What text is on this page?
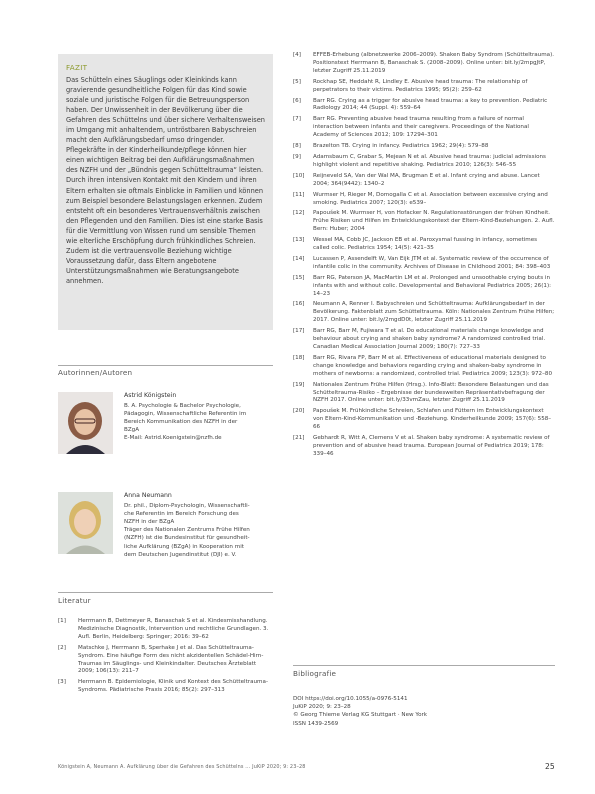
FAZIT
Das Schütteln eines Säuglings oder Kleinkinds kann gravierende gesundheitliche Folgen für das Kind sowie soziale und juristische Folgen für die Betreuungsperson haben. Der Unwissenheit in der Bevölkerung über die Gefahren des Schüttelns und über sichere Verhaltensweisen im Umgang mit anhaltendem, untröstbaren Babyschreien macht den Aufklärungsbedarf umso dringender. Pflegekräfte in der Kinderheilkunde/pflege können hier einen wichtigen Beitrag bei den Aufklärungsmaßnahmen des NZFH und der „Bündnis gegen Schütteltrauma“ leisten. Durch ihren intensiven Kontakt mit den Kindern und ihren Eltern erhalten sie oftmals Einblicke in Familien und können zum Beispiel besondere Belastungslagen erkennen. Zudem entsteht oft ein besonderes Vertrauensverhältnis zwischen den Pflegenden und den Familien. Dies ist eine starke Basis für die Vermittlung von Wissen rund um sensible Themen wie elterliche Erschöpfung durch frühkindliches Schreien. Zudem ist die vertrauensvolle Beziehung wichtige Voraussetzung dafür, dass Eltern angebotene Unterstützungsmaßnahmen wie Beratungsangebote annehmen.
Autorinnen/Autoren
Astrid Königstein
B. A. Psychologie & Bachelor Psychologie,
Pädagogin, Wissenschaftliche Referentin im
Bereich Kommunikation des NZFH in der
BZgA
E-Mail: Astrid.Koenigstein@nzfh.de
Anna Neumann
Dr. phil., Diplom-Psychologin, Wissenschaftli-
che Referentin im Bereich Forschung des
NZFH in der BZgA
Träger des Nationalen Zentrums Frühe Hilfen
(NZFH) ist die Bundesinstitut für gesundheit-
liche Aufklärung (BZgA) in Kooperation mit
dem Deutschen Jugendinstitut (DJI) e. V.
Literatur
[1]	Herrmann B, Dettmeyer R, Banaschak S et al. Kindesmisshandlung. Medizinische Diagnostik, Intervention und rechtliche Grundlagen. 3. Aufl. Berlin, Heidelberg: Springer; 2016: 39–62
[2]	Matschke J, Herrmann B, Sperhake J et al. Das Schütteltrauma-Syndrom. Eine häufige Form des nicht akzidentellen Schädel-Hirn-Traumas im Säuglings- und Kleinkindalter. Deutsches Ärzteblatt 2009; 106(13): 211–7
[3]	Herrmann B. Epidemiologie, Klinik und Kontext des Schütteltrauma-Syndroms. Pädiatrische Praxis 2016; 85(2): 297–313
[4]	EFFEB-Erhebung (albnetzwerke 2006–2009). Shaken Baby Syndrom (Schütteltrauma). Positionstext Herrmann B, Banaschak S. (2008–2009). Online unter: bit.ly/2mpgJtP, letzter Zugriff 25.11.2019
[5]	Rockhap SE, Heddaht R, Lindley E. Abusive head trauma: The relationship of perpetrators to their victims. Pediatrics 1995; 95(2): 259–62
[6]	Barr RG. Crying as a trigger for abusive head trauma: a key to prevention. Pediatric Radiology 2014; 44 (Suppl. 4): 559–64
[7]	Barr RG. Preventing abusive head trauma resulting from a failure of normal interaction between infants and their caregivers. Proceedings of the National Academy of Sciences 2012; 109: 17294–301
[8]	Brazelton TB. Crying in infancy. Pediatrics 1962; 29(4): 579–88
[9]	Adamsbaum C, Grabar S, Mejean N et al. Abusive head trauma: judicial admissions highlight violent and repetitive shaking. Pediatrics 2010; 126(3): 546–55
[10]	Reijneveld SA, Van der Wal MA, Brugman E et al. Infant crying and abuse. Lancet 2004; 364(9442): 1340–2
[11]	Wurmser H, Rieger M, Domogalla C et al. Association between excessive crying and smoking. Pediatrics 2007; 120(3): e539–
[12]	Papoušek M. Wurmser H, von Hofacker N. Regulationsstörungen der frühen Kindheit. Frühe Risiken und Hilfen im Entwicklungskontext der Eltern-Kind-Beziehungen. 2. Aufl. Bern: Huber; 2004
[13]	Wessel MA, Cobb JC, Jackson EB et al. Paroxysmal fussing in infancy, sometimes called colic. Pediatrics 1954; 14(5): 421–35
[14]	Lucassen P, Assendelft W, Van Eijk JTM et al. Systematic review of the occurrence of infantile colic in the community. Archives of Disease in Childhood 2001; 84: 398–403
[15]	Barr RG, Paterson JA, MacMartin LM et al. Prolonged and unsoothable crying bouts in infants with and without colic. Developmental and Behavioral Pediatrics 2005; 26(1): 14–23
[16]	Neumann A, Renner I. Babyschreien und Schütteltrauma: Aufklärungsbedarf in der Bevölkerung. Faktenblatt zum Schütteltrauma. Köln: Nationales Zentrum Frühe Hilfen; 2017. Online unter: bit.ly/2mgdD0t, letzter Zugriff 25.11.2019
[17]	Barr RG, Barr M, Fujiwara T et al. Do educational materials change knowledge and behaviour about crying and shaken baby syndrome? A randomized controlled trial. Canadian Medical Association Journal 2009; 180(7): 727–33
[18]	Barr RG, Rivara FP, Barr M et al. Effectiveness of educational materials designed to change knowledge and behaviors regarding crying and shaken-baby syndrome in mothers of newborns: a randomized, controlled trial. Pediatrics 2009; 123(3): 972–80
[19]	Nationales Zentrum Frühe Hilfen (Hrsg.). Info-Blatt: Besondere Belastungen und das Schütteltrauma-Risiko – Ergebnisse der bundesweiten Repräsentativbefragung der NZFH 2017. Online unter: bit.ly/33vmZau, letzter Zugriff 25.11.2019
[20]	Papoušek M. Frühkindliche Schreien, Schlafen und Füttern im Entwicklungskontext von Eltern-Kind-Kommunikation und -Beziehung. Kinderheilkunde 2009; 157(6): 558–66
[21]	Gebhardt R, Witt A, Clemens V et al. Shaken baby syndrome: A systematic review of prevention and of abusive head trauma. European Journal of Pediatrics 2019; 178: 339–46
Bibliografie
DOI https://doi.org/10.1055/a-0976-5141
JuKiP 2020; 9: 23–28
© Georg Thieme Verlag KG Stuttgart · New York
ISSN 1439-2569
Königstein A, Neumann A. Aufklärung über die Gefahren des Schüttelns ... JuKiP 2020; 9: 23–28	25
